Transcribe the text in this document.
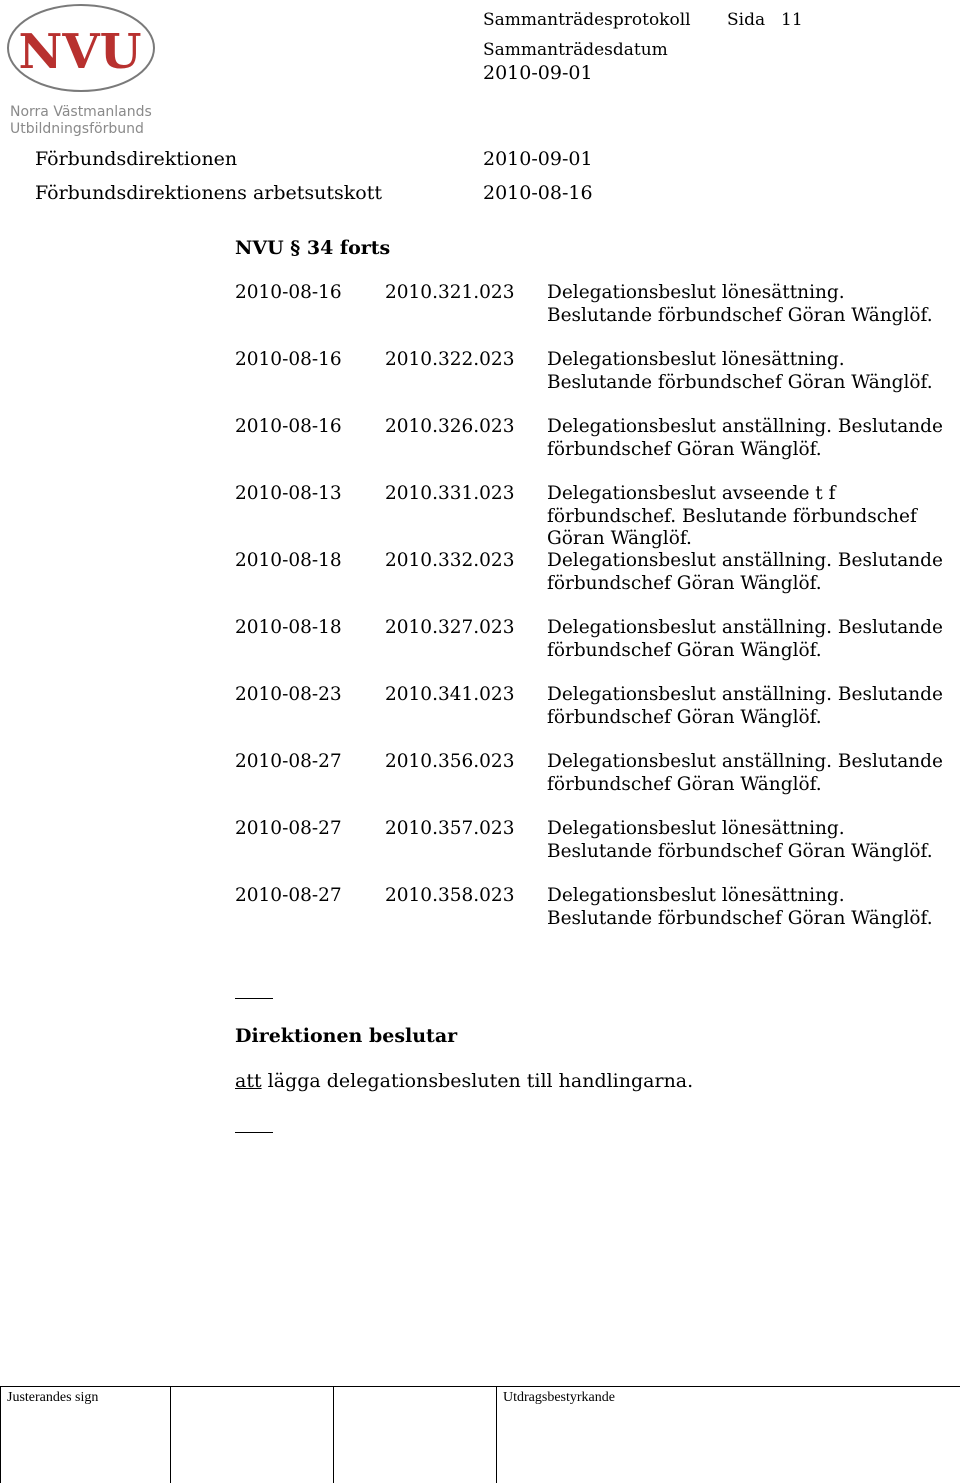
NVU
Norra Västmanlands
Utbildningsförbund
Sammanträdesprotokoll Sida 11
Sammanträdesdatum
2010-09-01
Förbundsdirektionen	2010-09-01
Förbundsdirektionens arbetsutskott	2010-08-16
NVU § 34 forts
2010-08-16 2010.321.023 Delegationsbeslut lönesättning. Beslutande förbundschef Göran Wänglöf.
2010-08-16 2010.322.023 Delegationsbeslut lönesättning. Beslutande förbundschef Göran Wänglöf.
2010-08-16 2010.326.023 Delegationsbeslut anställning. Beslutande förbundschef Göran Wänglöf.
2010-08-13 2010.331.023 Delegationsbeslut avseende t f förbundschef. Beslutande förbundschef Göran Wänglöf.
2010-08-18 2010.332.023 Delegationsbeslut anställning. Beslutande förbundschef Göran Wänglöf.
2010-08-18 2010.327.023 Delegationsbeslut anställning. Beslutande förbundschef Göran Wänglöf.
2010-08-23 2010.341.023 Delegationsbeslut anställning. Beslutande förbundschef Göran Wänglöf.
2010-08-27 2010.356.023 Delegationsbeslut anställning. Beslutande förbundschef Göran Wänglöf.
2010-08-27 2010.357.023 Delegationsbeslut lönesättning. Beslutande förbundschef Göran Wänglöf.
2010-08-27 2010.358.023 Delegationsbeslut lönesättning. Beslutande förbundschef Göran Wänglöf.
Direktionen beslutar
att lägga delegationsbesluten till handlingarna.
Justerandes sign	Utdragsbestyrkande
